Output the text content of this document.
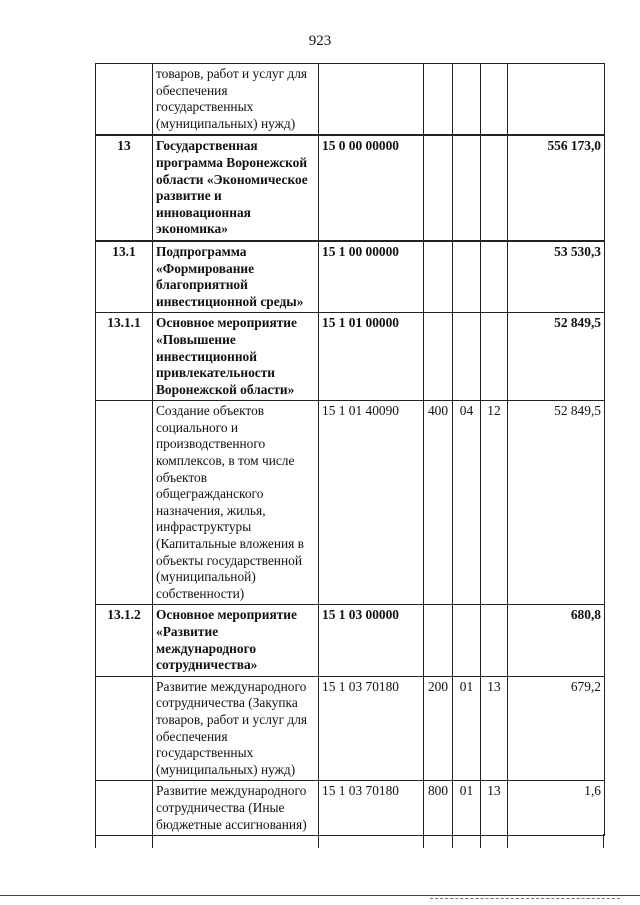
923
	товаров, работ и услуг для обеспечения государственных (муниципальных) нужд)					
13	Государственная программа Воронежской области «Экономическое развитие и инновационная экономика»	15 0 00 00000				556 173,0
13.1	Подпрограмма «Формирование благоприятной инвестиционной среды»	15 1 00 00000				53 530,3
13.1.1	Основное мероприятие «Повышение инвестиционной привлекательности Воронежской области»	15 1 01 00000				52 849,5
	Создание объектов социального и производственного комплексов, в том числе объектов общегражданского назначения, жилья, инфраструктуры (Капитальные вложения в объекты государственной (муниципальной) собственности)	15 1 01 40090	400	04	12	52 849,5
13.1.2	Основное мероприятие «Развитие международного сотрудничества»	15 1 03 00000				680,8
	Развитие международного сотрудничества (Закупка товаров, работ и услуг для обеспечения государственных (муниципальных) нужд)	15 1 03 70180	200	01	13	679,2
	Развитие международного сотрудничества (Иные бюджетные ассигнования)	15 1 03 70180	800	01	13	1,6
